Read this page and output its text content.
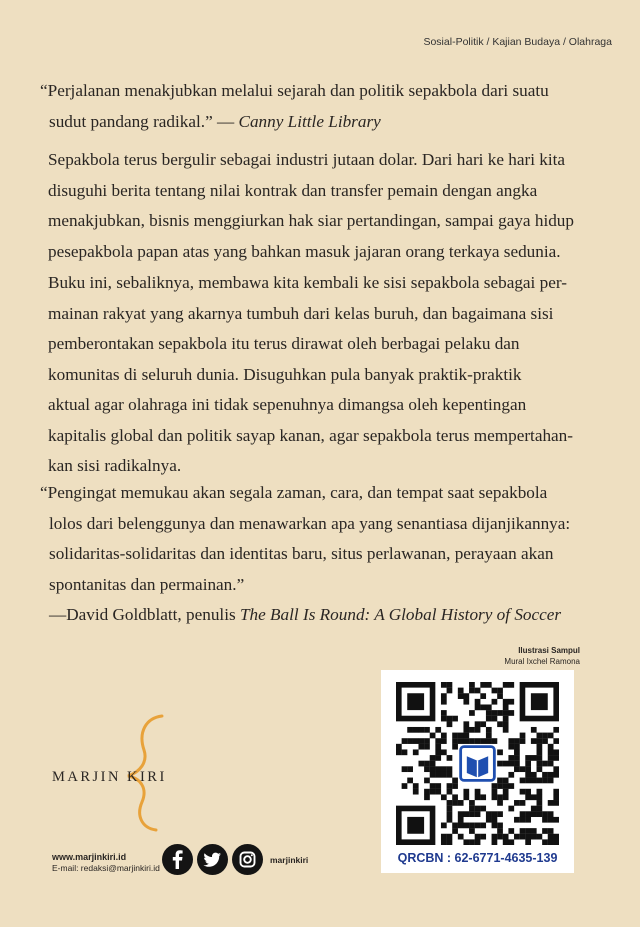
Sosial-Politik / Kajian Budaya / Olahraga
“Perjalanan menakjubkan melalui sejarah dan politik sepakbola dari suatu
sudut pandang radikal.” — Canny Little Library
Sepakbola terus bergulir sebagai industri jutaan dolar. Dari hari ke hari kita
disuguhi berita tentang nilai kontrak dan transfer pemain dengan angka
menakjubkan, bisnis menggiurkan hak siar pertandingan, sampai gaya hidup
pesepakbola papan atas yang bahkan masuk jajaran orang terkaya sedunia.
Buku ini, sebaliknya, membawa kita kembali ke sisi sepakbola sebagai per-
mainan rakyat yang akarnya tumbuh dari kelas buruh, dan bagaimana sisi
pemberontakan sepakbola itu terus dirawat oleh berbagai pelaku dan
komunitas di seluruh dunia. Disuguhkan pula banyak praktik-praktik
aktual agar olahraga ini tidak sepenuhnya dimangsa oleh kepentingan
kapitalis global dan politik sayap kanan, agar sepakbola terus mempertahan-
kan sisi radikalnya.
“Pengingat memukau akan segala zaman, cara, dan tempat saat sepakbola
lolos dari belenggunya dan menawarkan apa yang senantiasa dijanjikannya:
solidaritas-solidaritas dan identitas baru, situs perlawanan, perayaan akan
spontanitas dan permainan.”
—David Goldblatt, penulis The Ball Is Round: A Global History of Soccer
Ilustrasi Sampul
Mural Ixchel Ramona
QRCBN : 62-6771-4635-139
MARJIN KIRI
www.marjinkiri.id
E-mail: redaksi@marjinkiri.id
marjinkiri
